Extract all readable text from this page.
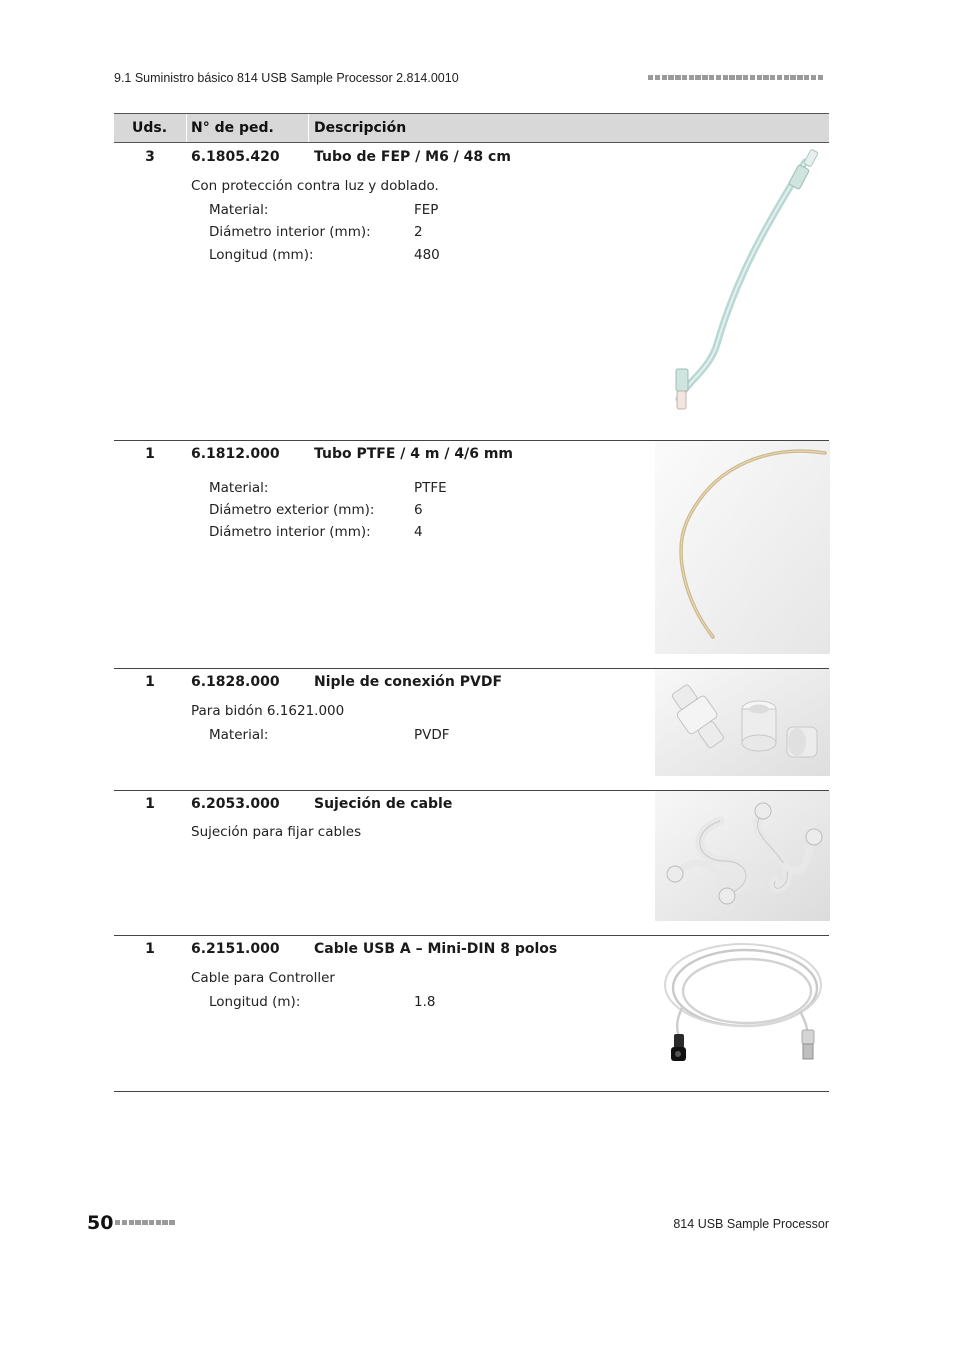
9.1 Suministro básico 814 USB Sample Processor 2.814.0010
Uds. N° de ped.	Descripción
3	6.1805.420 Tubo de FEP / M6 / 48 cm
Con protección contra luz y doblado.
Material:	FEP
Diámetro interior (mm):	2
Longitud (mm):	480
1	6.1812.000 Tubo PTFE / 4 m / 4/6 mm
Material:	PTFE
Diámetro exterior (mm):	6
Diámetro interior (mm):	4
1	6.1828.000 Niple de conexión PVDF
Para bidón 6.1621.000
Material:	PVDF
1	6.2053.000 Sujeción de cable
Sujeción para fijar cables
1	6.2151.000 Cable USB A – Mini-DIN 8 polos
Cable para Controller
Longitud (m):	1.8
50	814 USB Sample Processor
